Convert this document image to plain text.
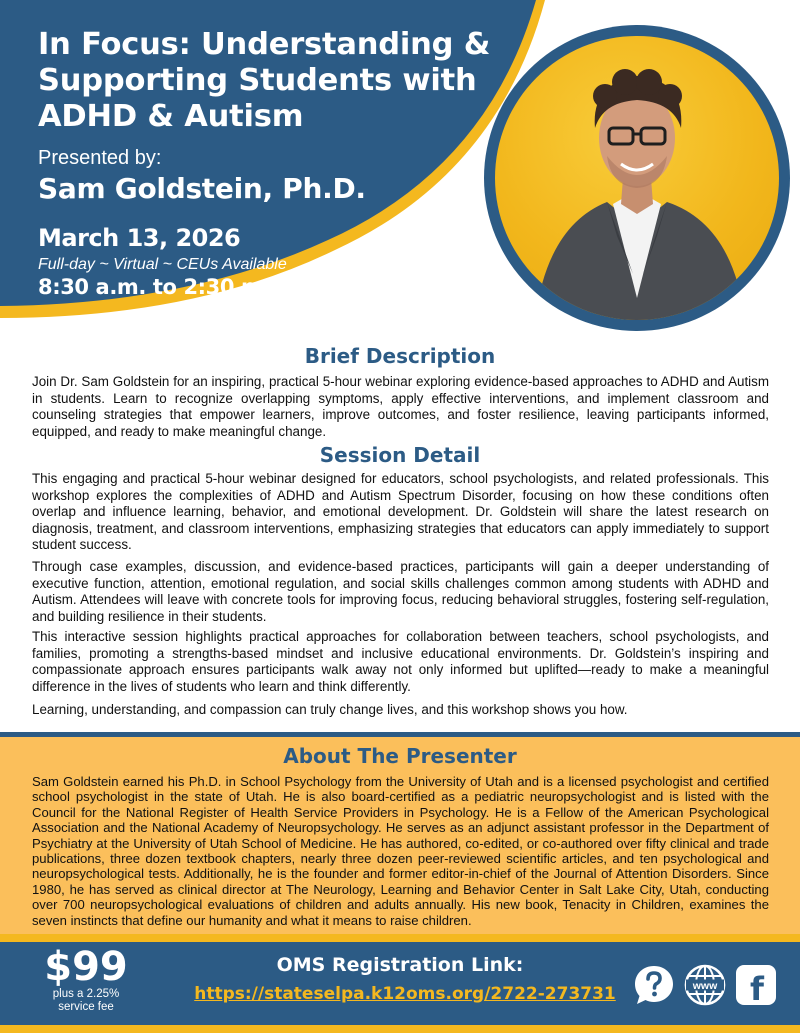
In Focus: Understanding & Supporting Students with ADHD & Autism
Presented by:
Sam Goldstein, Ph.D.
March 13, 2026
Full-day ~ Virtual ~ CEUs Available
8:30 a.m. to 2:30 p.m.
Brief Description

Join Dr. Sam Goldstein for an inspiring, practical 5-hour webinar exploring evidence-based approaches to ADHD and Autism in students. Learn to recognize overlapping symptoms, apply effective interventions, and implement classroom and counseling strategies that empower learners, improve outcomes, and foster resilience, leaving participants informed, equipped, and ready to make meaningful change.

Session Detail

This engaging and practical 5-hour webinar designed for educators, school psychologists, and related professionals. This workshop explores the complexities of ADHD and Autism Spectrum Disorder, focusing on how these conditions often overlap and influence learning, behavior, and emotional development. Dr. Goldstein will share the latest research on diagnosis, treatment, and classroom interventions, emphasizing strategies that educators can apply immediately to support student success.

Through case examples, discussion, and evidence-based practices, participants will gain a deeper understanding of executive function, attention, emotional regulation, and social skills challenges common among students with ADHD and Autism. Attendees will leave with concrete tools for improving focus, reducing behavioral struggles, fostering self-regulation, and building resilience in their students.

This interactive session highlights practical approaches for collaboration between teachers, school psychologists, and families, promoting a strengths-based mindset and inclusive educational environments. Dr. Goldstein’s inspiring and compassionate approach ensures participants walk away not only informed but uplifted—ready to make a meaningful difference in the lives of students who learn and think differently.

Learning, understanding, and compassion can truly change lives, and this workshop shows you how.

About The Presenter

Sam Goldstein earned his Ph.D. in School Psychology from the University of Utah and is a licensed psychologist and certified school psychologist in the state of Utah. He is also board-certified as a pediatric neuropsychologist and is listed with the Council for the National Register of Health Service Providers in Psychology. He is a Fellow of the American Psychological Association and the National Academy of Neuropsychology. He serves as an adjunct assistant professor in the Department of Psychiatry at the University of Utah School of Medicine. He has authored, co-edited, or co-authored over fifty clinical and trade publications, three dozen textbook chapters, nearly three dozen peer-reviewed scientific articles, and ten psychological and neuropsychological tests. Additionally, he is the founder and former editor-in-chief of the Journal of Attention Disorders. Since 1980, he has served as clinical director at The Neurology, Learning and Behavior Center in Salt Lake City, Utah, conducting over 700 neuropsychological evaluations of children and adults annually. His new book, Tenacity in Children, examines the seven instincts that define our humanity and what it means to raise children.

$99
plus a 2.25% service fee
OMS Registration Link:
https://stateselpa.k12oms.org/2722-273731	www f
